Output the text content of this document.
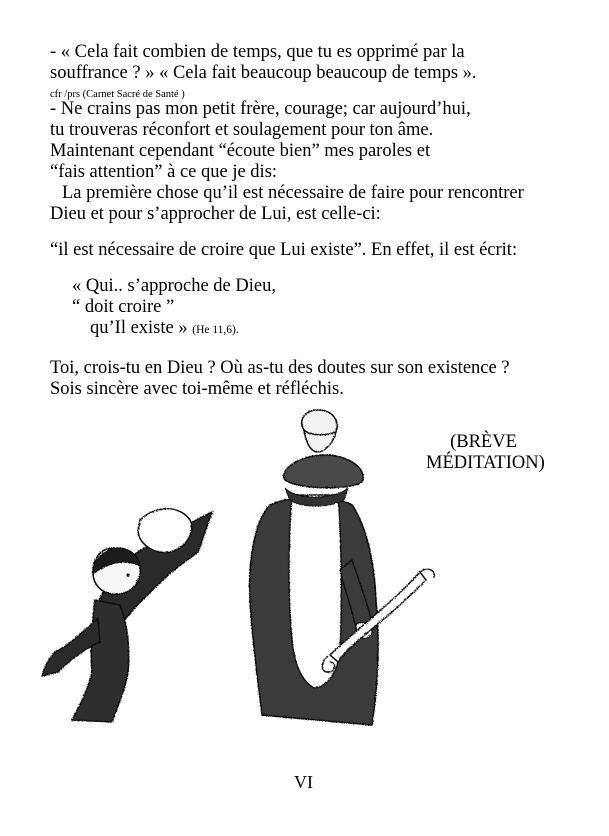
- « Cela fait combien de temps, que tu es opprimé par la
souffrance ? » « Cela fait beaucoup beaucoup de temps ».
cfr /prs (Carnet Sacré de Santé )
- Ne crains pas mon petit frère, courage; car aujourd’hui,
tu trouveras réconfort et soulagement pour ton âme.
Maintenant cependant “écoute bien” mes paroles et
“fais attention” à ce que je dis:
La première chose qu’il est nécessaire de faire pour rencontrer
Dieu et pour s’approcher de Lui, est celle-ci:
“il est nécessaire de croire que Lui existe”. En effet, il est écrit:
« Qui.. s’approche de Dieu,
“ doit croire ”
qu’Il existe » (He 11,6).
Toi, crois-tu en Dieu ? Où as-tu des doutes sur son existence ?
Sois sincère avec toi-même et réfléchis.
(BRÈVE
MÉDITATION)
VI
